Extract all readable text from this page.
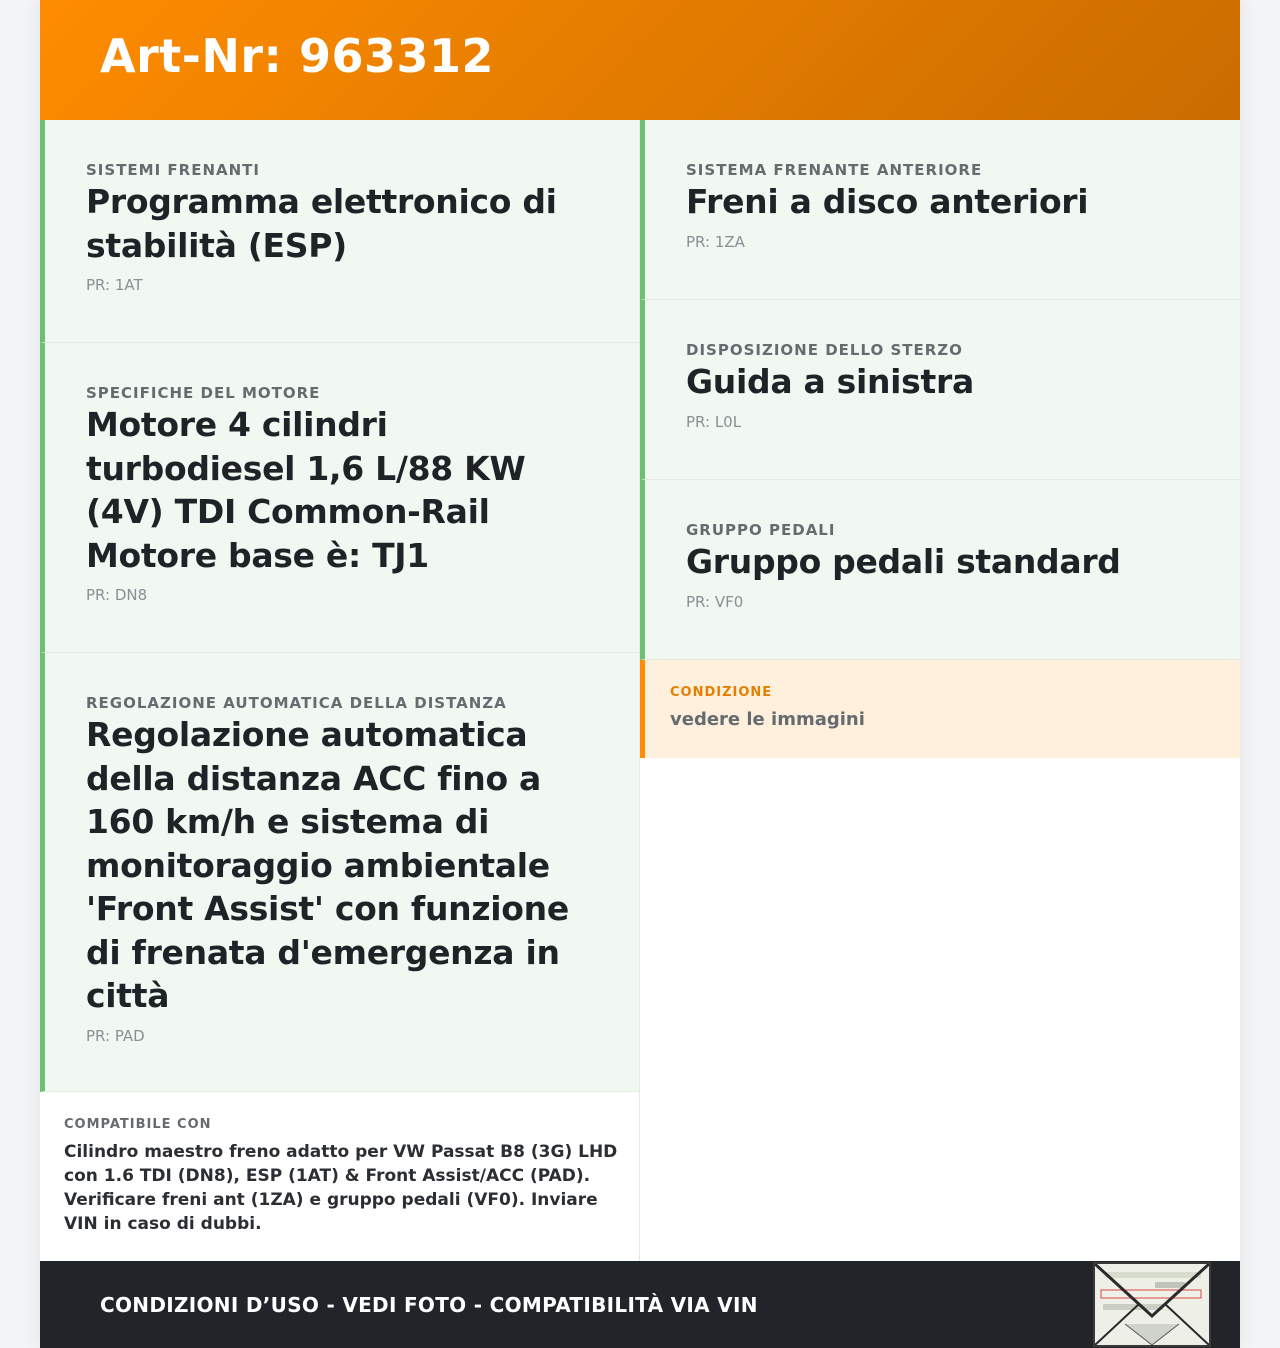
Art-Nr: 963312
SISTEMI FRENANTI
Programma elettronico di stabilità (ESP)
PR: 1AT
SPECIFICHE DEL MOTORE
Motore 4 cilindri turbodiesel 1,6 L/88 KW (4V) TDI Common-Rail Motore base è: TJ1
PR: DN8
REGOLAZIONE AUTOMATICA DELLA DISTANZA
Regolazione automatica della distanza ACC fino a 160 km/h e sistema di monitoraggio ambientale 'Front Assist' con funzione di frenata d'emergenza in città
PR: PAD
COMPATIBILE CON
Cilindro maestro freno adatto per VW Passat B8 (3G) LHD con 1.6 TDI (DN8), ESP (1AT) & Front Assist/ACC (PAD). Verificare freni ant (1ZA) e gruppo pedali (VF0). Inviare VIN in caso di dubbi.
SISTEMA FRENANTE ANTERIORE
Freni a disco anteriori
PR: 1ZA
DISPOSIZIONE DELLO STERZO
Guida a sinistra
PR: L0L
GRUPPO PEDALI
Gruppo pedali standard
PR: VF0
CONDIZIONE
vedere le immagini
CONDIZIONI D’USO - VEDI FOTO - COMPATIBILITÀ VIA VIN
